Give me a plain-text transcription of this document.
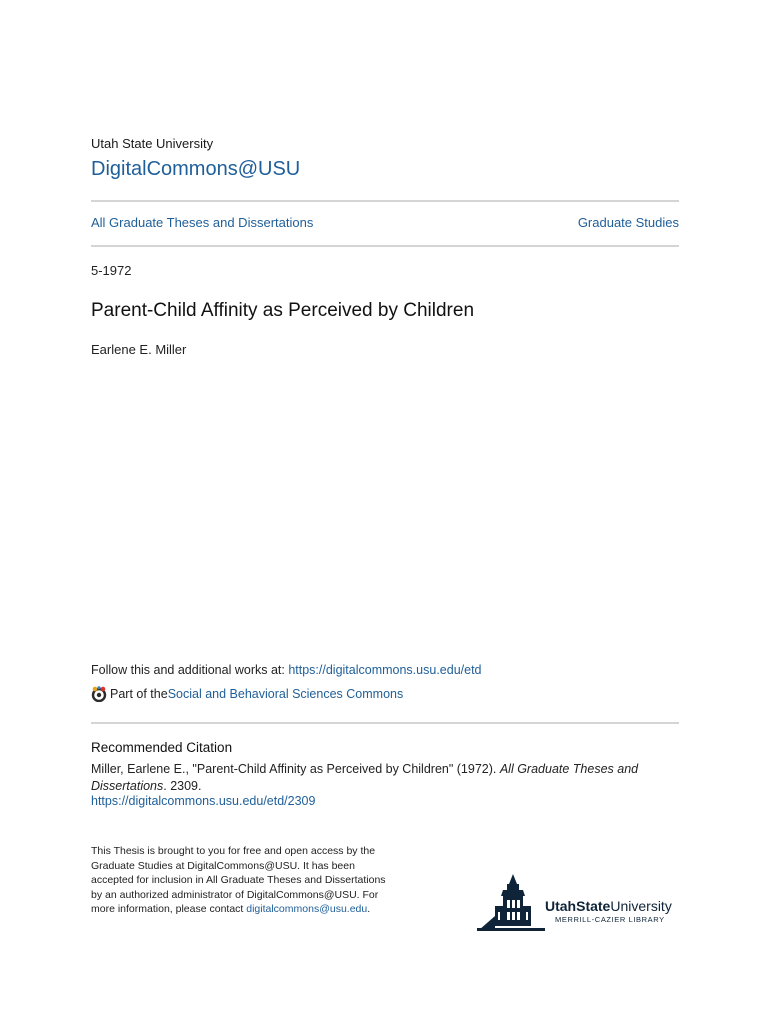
Utah State University
DigitalCommons@USU
All Graduate Theses and Dissertations	Graduate Studies
5-1972
Parent-Child Affinity as Perceived by Children
Earlene E. Miller
Follow this and additional works at: https://digitalcommons.usu.edu/etd
Part of the Social and Behavioral Sciences Commons
Recommended Citation
Miller, Earlene E., "Parent-Child Affinity as Perceived by Children" (1972). All Graduate Theses and Dissertations. 2309.
https://digitalcommons.usu.edu/etd/2309
This Thesis is brought to you for free and open access by the Graduate Studies at DigitalCommons@USU. It has been accepted for inclusion in All Graduate Theses and Dissertations by an authorized administrator of DigitalCommons@USU. For more information, please contact digitalcommons@usu.edu.	UtahStateUniversity
MERRILL-CAZIER LIBRARY
